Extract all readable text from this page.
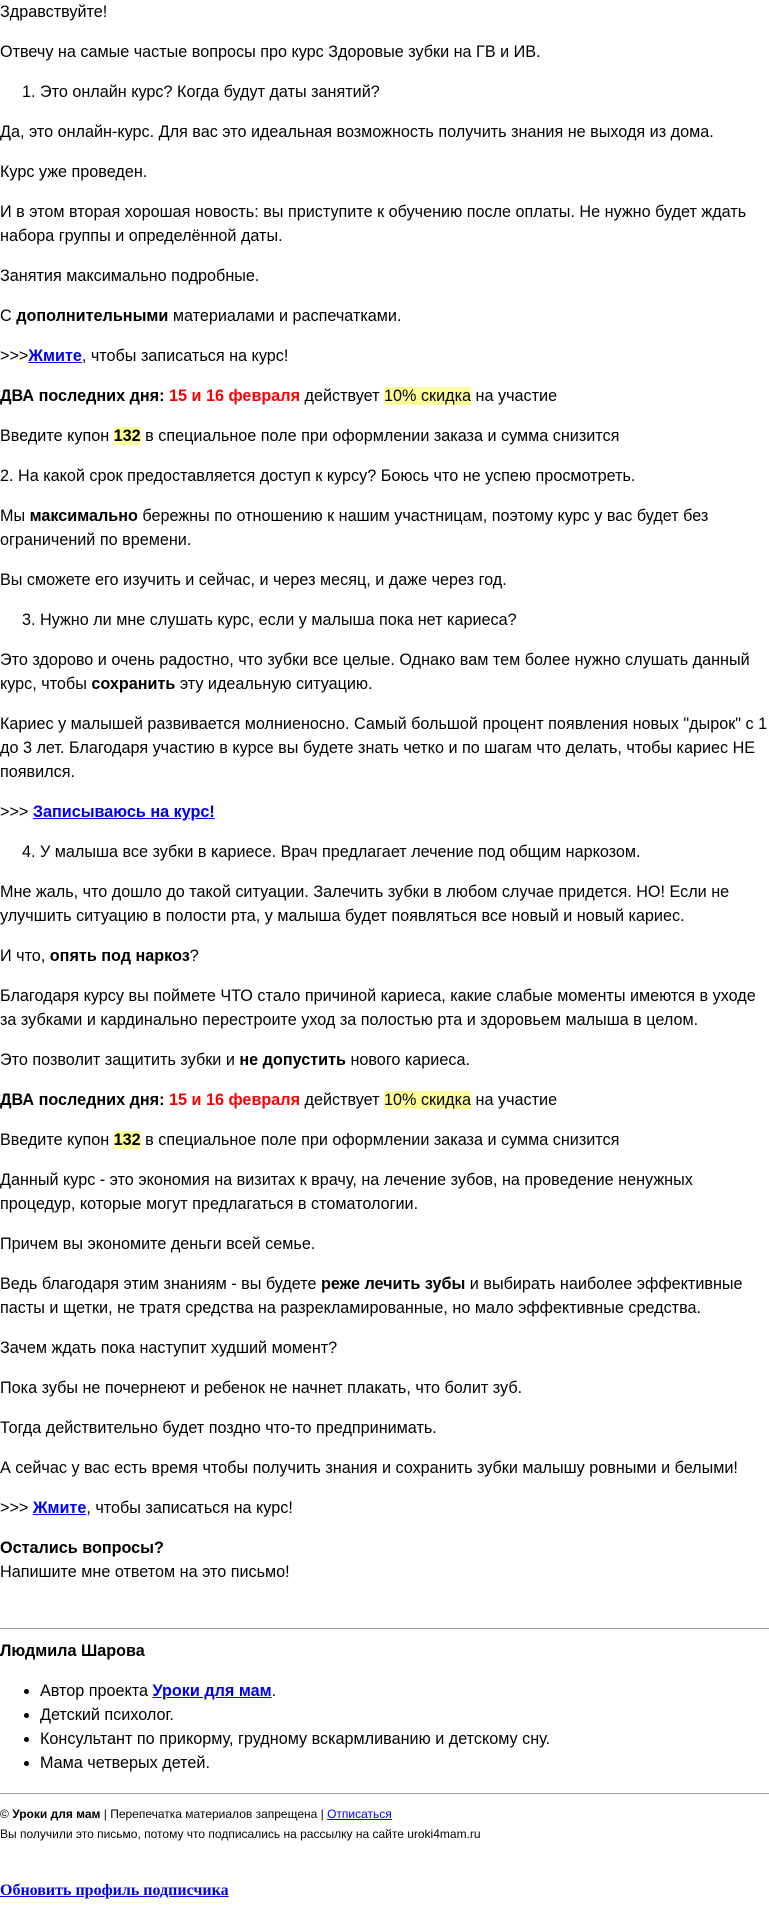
Здравствуйте!

Отвечу на самые частые вопросы про курс Здоровые зубки на ГВ и ИВ.

1. Это онлайн курс? Когда будут даты занятий?

Да, это онлайн-курс. Для вас это идеальная возможность получить знания не выходя из дома.

Курс уже проведен.

И в этом вторая хорошая новость: вы приступите к обучению после оплаты. Не нужно будет ждать набора группы и определённой даты.

Занятия максимально подробные.

С дополнительными материалами и распечатками.

>>>Жмите, чтобы записаться на курс!

ДВА последних дня: 15 и 16 февраля действует 10% скидка на участие

Введите купон 132 в специальное поле при оформлении заказа и сумма снизится

2. На какой срок предоставляется доступ к курсу? Боюсь что не успею просмотреть.

Мы максимально бережны по отношению к нашим участницам, поэтому курс у вас будет без ограничений по времени.

Вы сможете его изучить и сейчас, и через месяц, и даже через год.

3. Нужно ли мне слушать курс, если у малыша пока нет кариеса?

Это здорово и очень радостно, что зубки все целые. Однако вам тем более нужно слушать данный курс, чтобы сохранить эту идеальную ситуацию.

Кариес у малышей развивается молниеносно. Самый большой процент появления новых "дырок" с 1 до 3 лет. Благодаря участию в курсе вы будете знать четко и по шагам что делать, чтобы кариес НЕ появился.

>>> Записываюсь на курс!

4. У малыша все зубки в кариесе. Врач предлагает лечение под общим наркозом.

Мне жаль, что дошло до такой ситуации. Залечить зубки в любом случае придется. НО! Если не улучшить ситуацию в полости рта, у малыша будет появляться все новый и новый кариес.

И что, опять под наркоз?

Благодаря курсу вы поймете ЧТО стало причиной кариеса, какие слабые моменты имеются в уходе за зубками и кардинально перестроите уход за полостью рта и здоровьем малыша в целом.

Это позволит защитить зубки и не допустить нового кариеса.

ДВА последних дня: 15 и 16 февраля действует 10% скидка на участие

Введите купон 132 в специальное поле при оформлении заказа и сумма снизится

Данный курс - это экономия на визитах к врачу, на лечение зубов, на проведение ненужных процедур, которые могут предлагаться в стоматологии.

Причем вы экономите деньги всей семье.

Ведь благодаря этим знаниям - вы будете реже лечить зубы и выбирать наиболее эффективные пасты и щетки, не тратя средства на разрекламированные, но мало эффективные средства.

Зачем ждать пока наступит худший момент?

Пока зубы не почернеют и ребенок не начнет плакать, что болит зуб.

Тогда действительно будет поздно что-то предпринимать.

А сейчас у вас есть время чтобы получить знания и сохранить зубки малышу ровными и белыми!

>>> Жмите, чтобы записаться на курс!

Остались вопросы?
Напишите мне ответом на это письмо!

Людмила Шарова

• Автор проекта Уроки для мам.
• Детский психолог.
• Консультант по прикорму, грудному вскармливанию и детскому сну.
• Мама четверых детей.
© Уроки для мам | Перепечатка материалов запрещена | Отписаться
Вы получили это письмо, потому что подписались на рассылку на сайте uroki4mam.ru
Обновить профиль подписчика
